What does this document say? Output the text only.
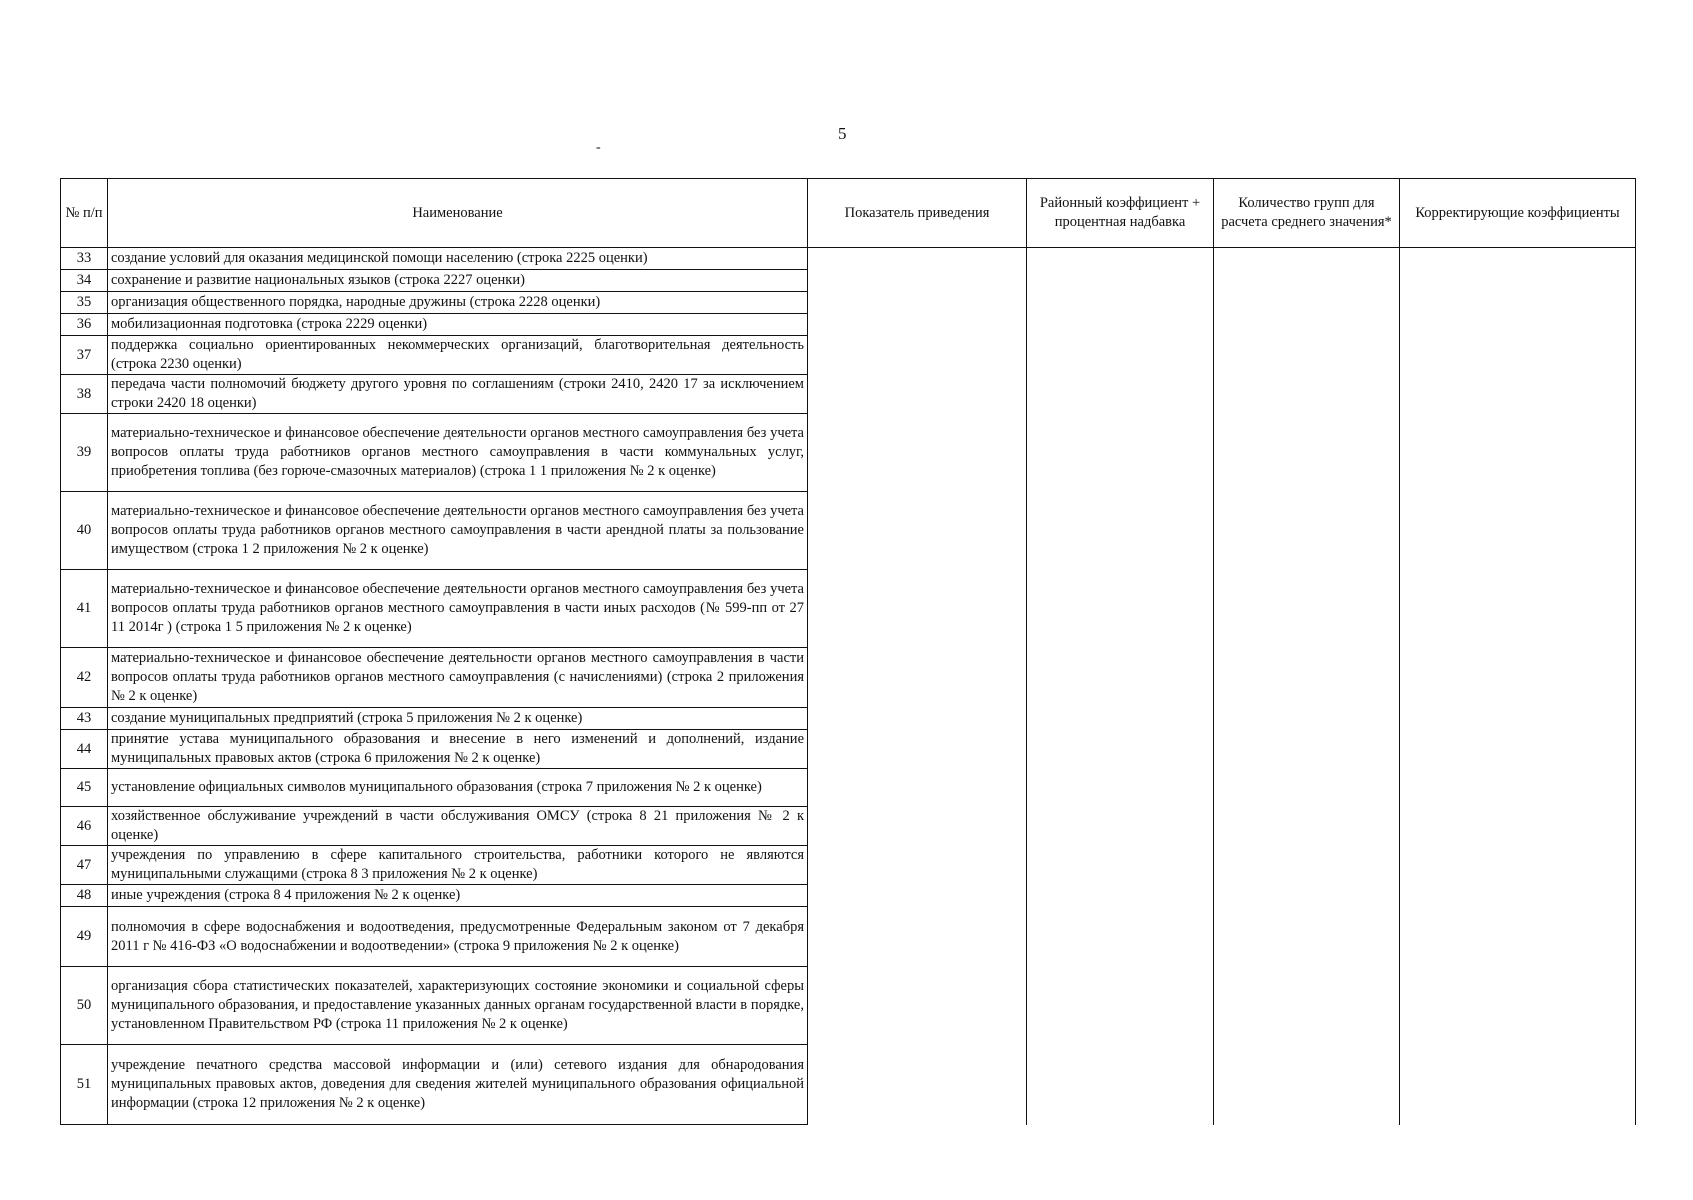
5
-
№ п/п	Наименование	Показатель приведения	Районный коэффициент + процентная надбавка	Количество групп для расчета среднего значения*	Корректирующие коэффициенты
33	создание условий для оказания медицинской помощи населению (строка 2225 оценки)				
34	сохранение и развитие национальных языков (строка 2227 оценки)				
35	организация общественного порядка, народные дружины (строка 2228 оценки)				
36	мобилизационная подготовка (строка 2229 оценки)				
37	поддержка социально ориентированных некоммерческих организаций, благотворительная деятельность (строка 2230 оценки)				
38	передача части полномочий бюджету другого уровня по соглашениям (строки 2410, 2420 17 за исключением строки 2420 18 оценки)				
39	материально-техническое и финансовое обеспечение деятельности органов местного самоуправления без учета вопросов оплаты труда работников органов местного самоуправления в части коммунальных услуг, приобретения топлива (без горюче-смазочных материалов) (строка 1 1 приложения № 2 к оценке)				
40	материально-техническое и финансовое обеспечение деятельности органов местного самоуправления без учета вопросов оплаты труда работников органов местного самоуправления в части арендной платы за пользование имуществом (строка 1 2 приложения № 2 к оценке)				
41	материально-техническое и финансовое обеспечение деятельности органов местного самоуправления без учета вопросов оплаты труда работников органов местного самоуправления в части иных расходов (№ 599-пп от 27 11 2014г ) (строка 1 5 приложения № 2 к оценке)				
42	материально-техническое и финансовое обеспечение деятельности органов местного самоуправления в части вопросов оплаты труда работников органов местного самоуправления (с начислениями) (строка 2 приложения № 2 к оценке)				
43	создание муниципальных предприятий (строка 5 приложения № 2 к оценке)				
44	принятие устава муниципального образования и внесение в него изменений и дополнений, издание муниципальных правовых актов (строка 6 приложения № 2 к оценке)				
45	установление официальных символов муниципального образования (строка 7 приложения № 2 к оценке)				
46	хозяйственное обслуживание учреждений в части обслуживания ОМСУ (строка 8 21 приложения № 2 к оценке)				
47	учреждения по управлению в сфере капитального строительства, работники которого не являются муниципальными служащими (строка 8 3 приложения № 2 к оценке)				
48	иные учреждения (строка 8 4 приложения № 2 к оценке)				
49	полномочия в сфере водоснабжения и водоотведения, предусмотренные Федеральным законом от 7 декабря 2011 г № 416-ФЗ «О водоснабжении и водоотведении» (строка 9 приложения № 2 к оценке)				
50	организация сбора статистических показателей, характеризующих состояние экономики и социальной сферы муниципального образования, и предоставление указанных данных органам государственной власти в порядке, установленном Правительством РФ (строка 11 приложения № 2 к оценке)				
51	учреждение печатного средства массовой информации и (или) сетевого издания для обнародования муниципальных правовых актов, доведения для сведения жителей муниципального образования официальной информации (строка 12 приложения № 2 к оценке)				
